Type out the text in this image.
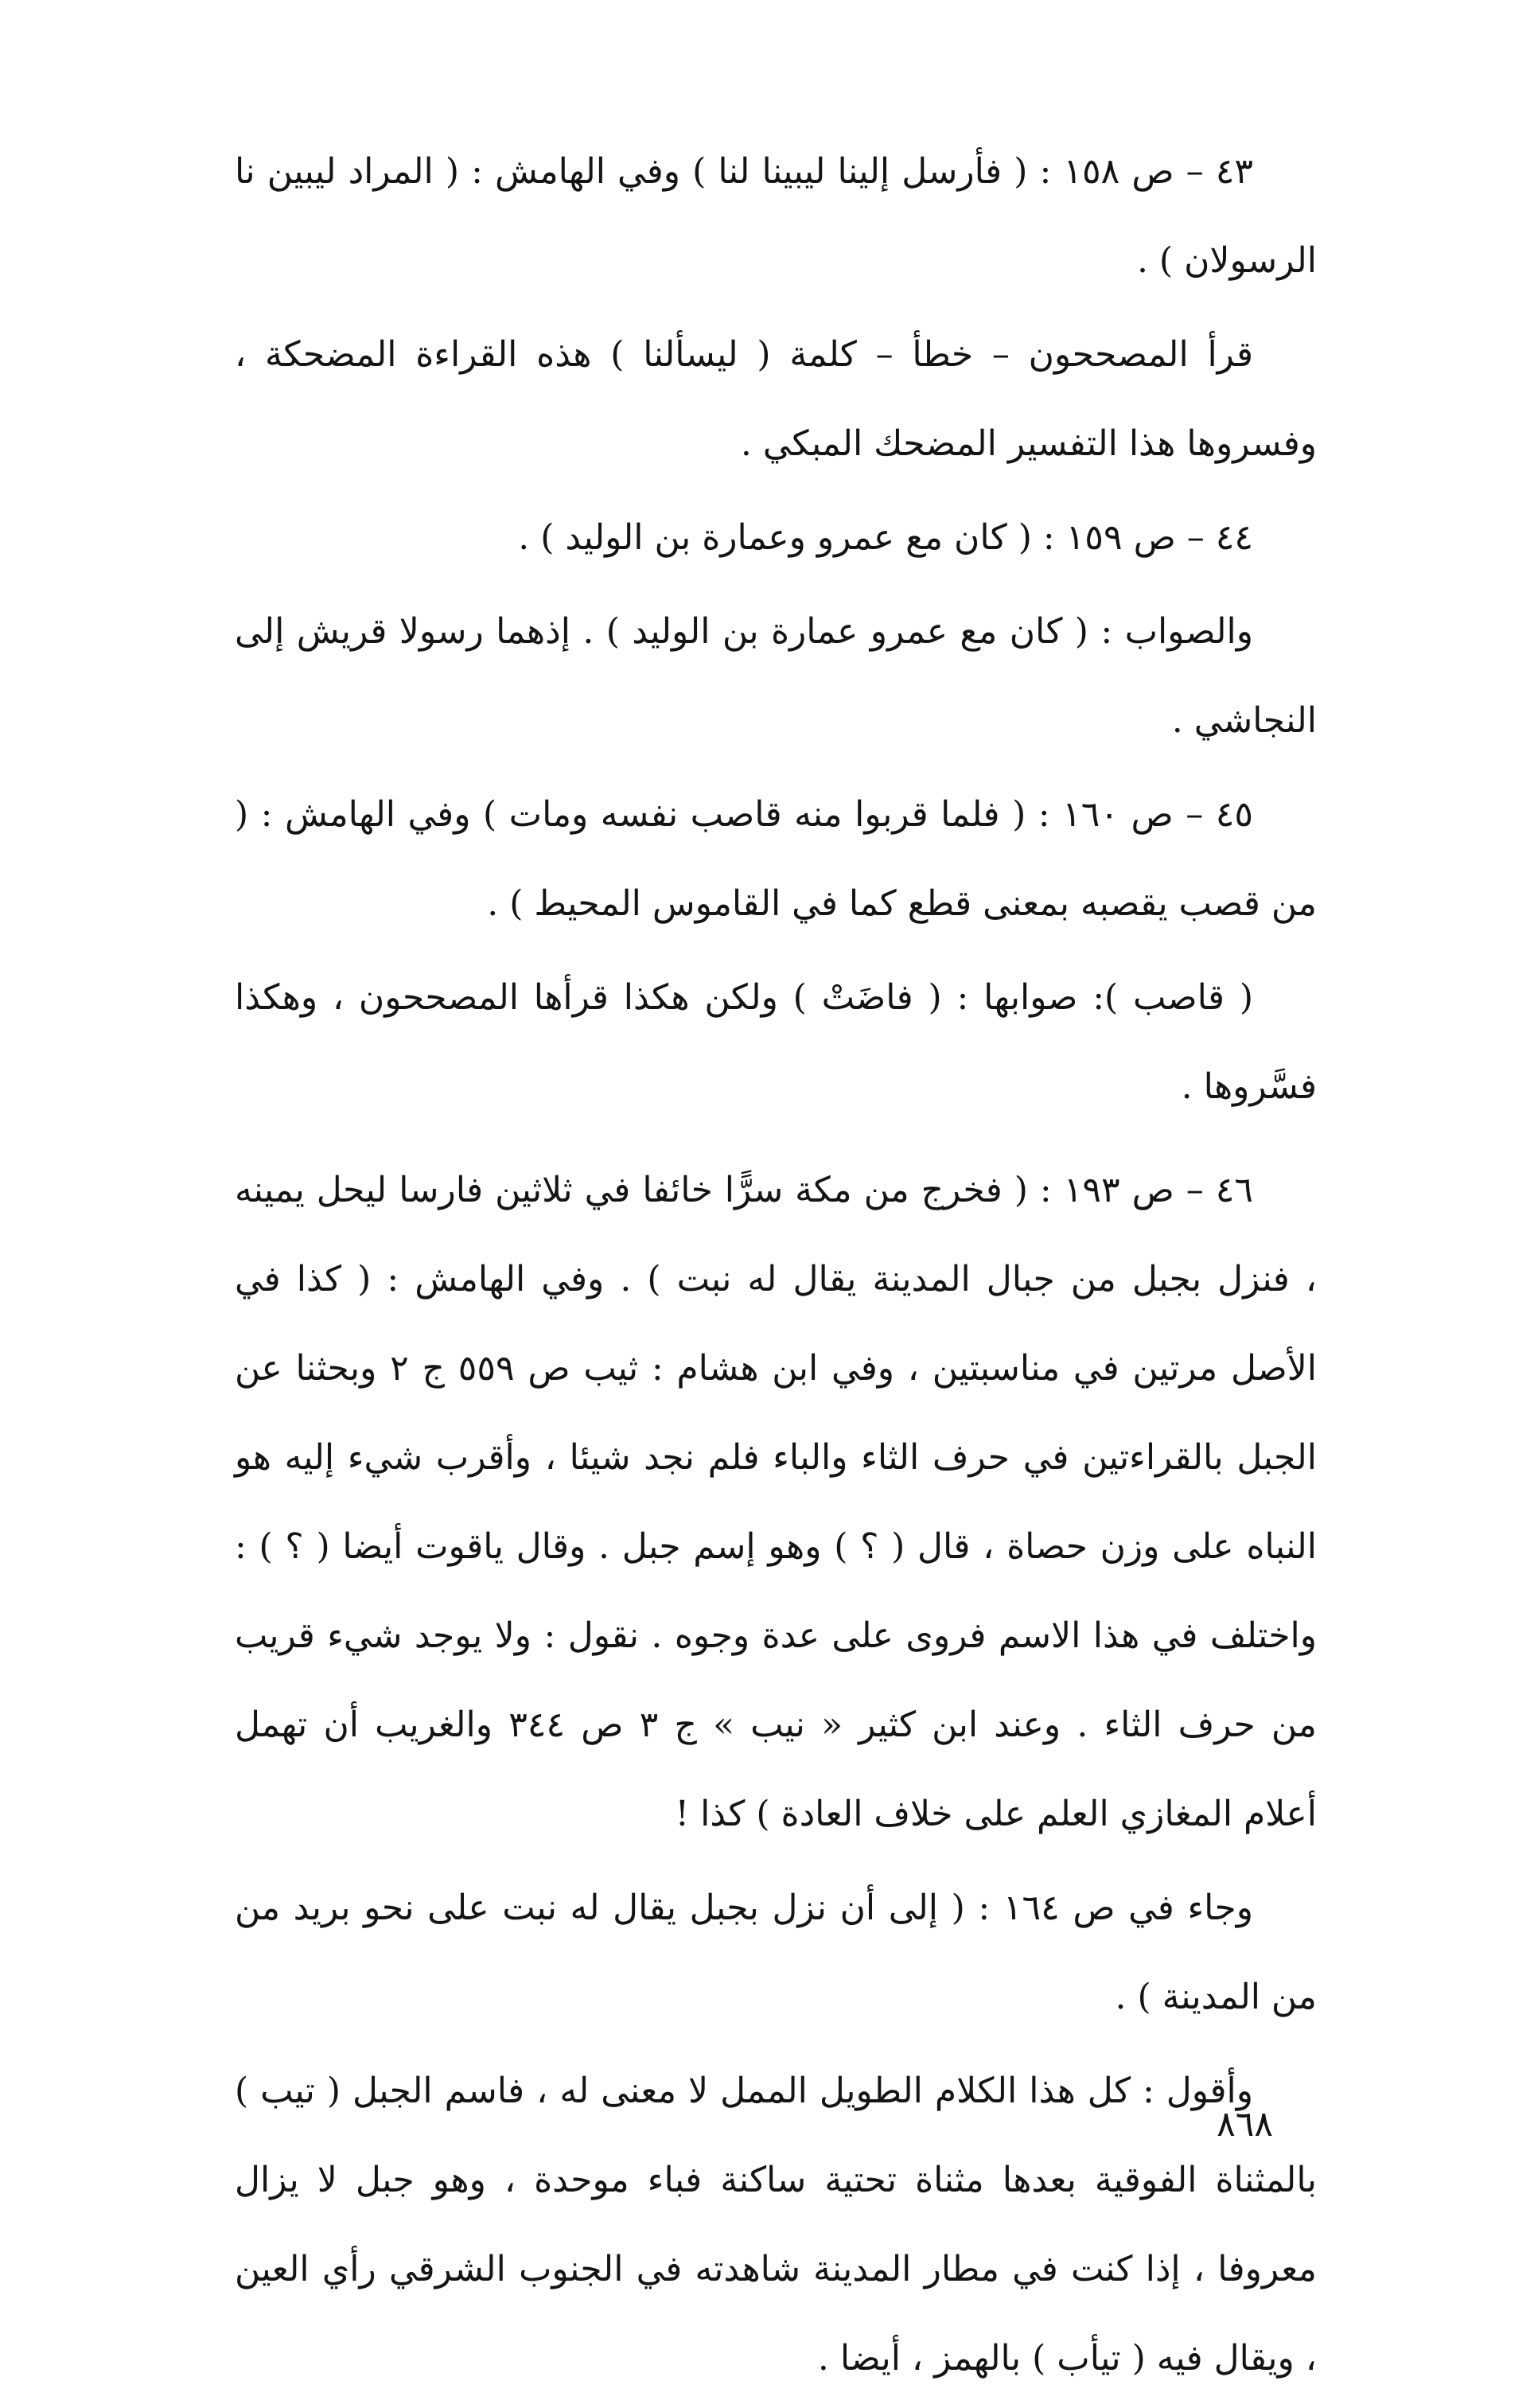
٤٣ – ص ١٥٨ : ( فأرسل إلينا ليبينا لنا ) وفي الهامش : ( المراد ليبين نا الرسولان ) .

قرأ المصححون – خطأ – كلمة ( ليسألنا ) هذه القراءة المضحكة ، وفسروها هذا التفسير المضحك المبكي .

٤٤ – ص ١٥٩ : ( كان مع عمرو وعمارة بن الوليد ) .

والصواب : ( كان مع عمرو عمارة بن الوليد ) . إذهما رسولا قريش إلى النجاشي .

٤٥ – ص ١٦٠ : ( فلما قربوا منه قاصب نفسه ومات ) وفي الهامش : ( من قصب يقصبه بمعنى قطع كما في القاموس المحيط ) .

( قاصب ): صوابها : ( فاضَتْ ) ولكن هكذا قرأها المصححون ، وهكذا فسَّروها .

٤٦ – ص ١٩٣ : ( فخرج من مكة سرًّا خائفا في ثلاثين فارسا ليحل يمينه ، فنزل بجبل من جبال المدينة يقال له نبت ) . وفي الهامش : ( كذا في الأصل مرتين في مناسبتين ، وفي ابن هشام : ثيب ص ٥٥٩ ج ٢ وبحثنا عن الجبل بالقراءتين في حرف الثاء والباء فلم نجد شيئا ، وأقرب شيء إليه هو النباه على وزن حصاة ، قال ( ؟ ) وهو إسم جبل . وقال ياقوت أيضا ( ؟ ) : واختلف في هذا الاسم فروى على عدة وجوه . نقول : ولا يوجد شيء قريب من حرف الثاء . وعند ابن كثير « نيب » ج ٣ ص ٣٤٤ والغريب أن تهمل أعلام المغازي العلم على خلاف العادة ) كذا !

وجاء في ص ١٦٤ : ( إلى أن نزل بجبل يقال له نبت على نحو بريد من من المدينة ) .

وأقول : كل هذا الكلام الطويل الممل لا معنى له ، فاسم الجبل ( تيب ) بالمثناة الفوقية بعدها مثناة تحتية ساكنة فباء موحدة ، وهو جبل لا يزال معروفا ، إذا كنت في مطار المدينة شاهدته في الجنوب الشرقي رأي العين ، ويقال فيه ( تيأب ) بالهمز ، أيضا .

٨٦٨
